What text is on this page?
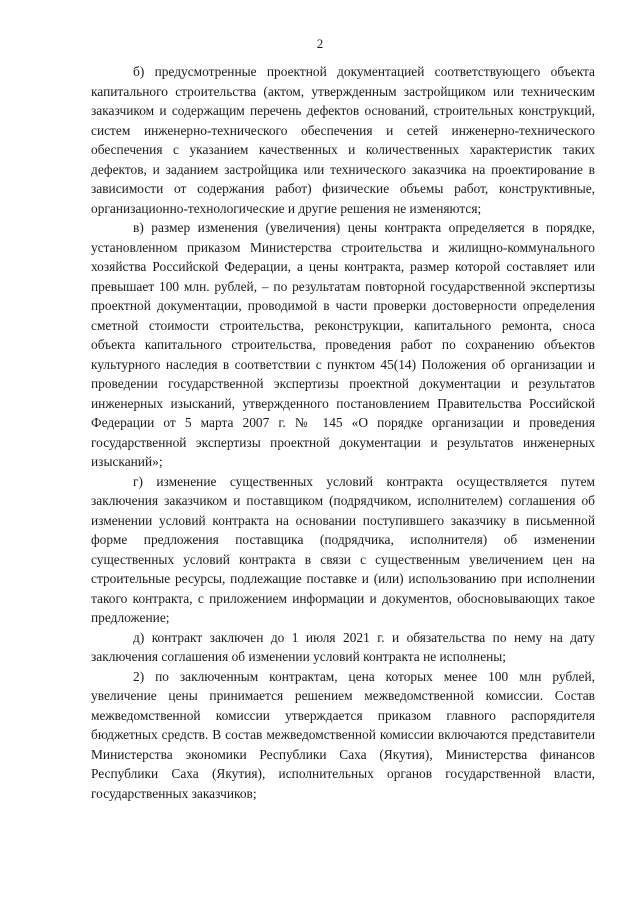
2

б) предусмотренные проектной документацией соответствующего объекта капитального строительства (актом, утвержденным застройщиком или техническим заказчиком и содержащим перечень дефектов оснований, строительных конструкций, систем инженерно-технического обеспечения и сетей инженерно-технического обеспечения с указанием качественных и количественных характеристик таких дефектов, и заданием застройщика или технического заказчика на проектирование в зависимости от содержания работ) физические объемы работ, конструктивные, организационно-технологические и другие решения не изменяются;

в) размер изменения (увеличения) цены контракта определяется в порядке, установленном приказом Министерства строительства и жилищно-коммунального хозяйства Российской Федерации, а цены контракта, размер которой составляет или превышает 100 млн. рублей, – по результатам повторной государственной экспертизы проектной документации, проводимой в части проверки достоверности определения сметной стоимости строительства, реконструкции, капитального ремонта, сноса объекта капитального строительства, проведения работ по сохранению объектов культурного наследия в соответствии с пунктом 45(14) Положения об организации и проведении государственной экспертизы проектной документации и результатов инженерных изысканий, утвержденного постановлением Правительства Российской Федерации от 5 марта 2007 г. № 145 «О порядке организации и проведения государственной экспертизы проектной документации и результатов инженерных изысканий»;

г) изменение существенных условий контракта осуществляется путем заключения заказчиком и поставщиком (подрядчиком, исполнителем) соглашения об изменении условий контракта на основании поступившего заказчику в письменной форме предложения поставщика (подрядчика, исполнителя) об изменении существенных условий контракта в связи с существенным увеличением цен на строительные ресурсы, подлежащие поставке и (или) использованию при исполнении такого контракта, с приложением информации и документов, обосновывающих такое предложение;

д) контракт заключен до 1 июля 2021 г. и обязательства по нему на дату заключения соглашения об изменении условий контракта не исполнены;

2) по заключенным контрактам, цена которых менее 100 млн рублей, увеличение цены принимается решением межведомственной комиссии. Состав межведомственной комиссии утверждается приказом главного распорядителя бюджетных средств. В состав межведомственной комиссии включаются представители Министерства экономики Республики Саха (Якутия), Министерства финансов Республики Саха (Якутия), исполнительных органов государственной власти, государственных заказчиков;
